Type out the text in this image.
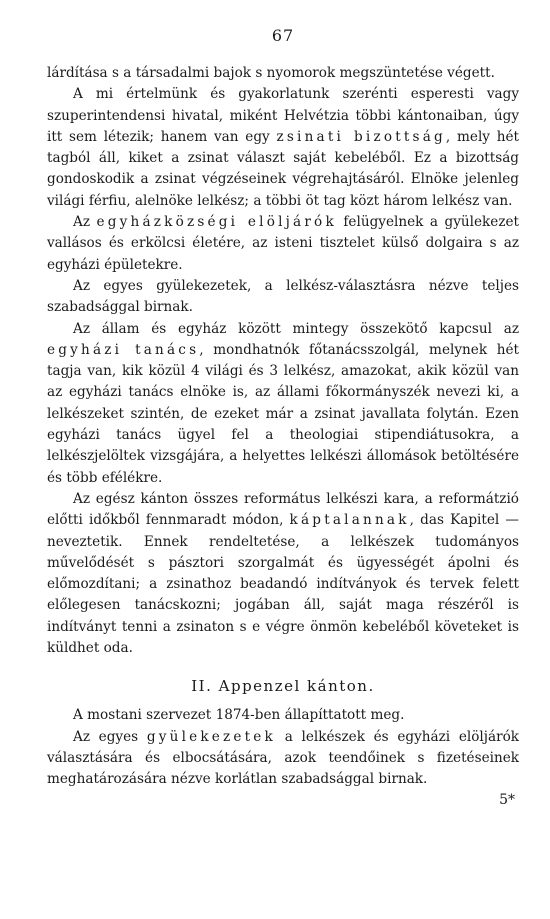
67

lárdítása s a társadalmi bajok s nyomorok megszüntetése végett.

A mi értelmünk és gyakorlatunk szerénti esperesti vagy szuperintendensi hivatal, miként Helvétzia többi kántonaiban, úgy itt sem létezik; hanem van egy zsinati bizottság, mely hét tagból áll, kiket a zsinat választ saját kebeléből. Ez a bizottság gondoskodik a zsinat végzéseinek végrehajtásáról. Elnöke jelenleg világi férfiu, alelnöke lelkész; a többi öt tag közt három lelkész van.

Az egyházközségi elöljárók felügyelnek a gyülekezet vallásos és erkölcsi életére, az isteni tisztelet külső dolgaira s az egyházi épületekre.

Az egyes gyülekezetek, a lelkész-választásra nézve teljes szabadsággal birnak.

Az állam és egyház között mintegy összekötő kapcsul az egyházi tanács, mondhatnók főtanácsszolgál, melynek hét tagja van, kik közül 4 világi és 3 lelkész, amazokat, akik közül van az egyházi tanács elnöke is, az állami főkormányszék nevezi ki, a lelkészeket szintén, de ezeket már a zsinat javallata folytán. Ezen egyházi tanács ügyel fel a theologiai stipendiátusokra, a lelkészjelöltek vizsgájára, a helyettes lelkészi állomások betöltésére és több efélékre.

Az egész kánton összes református lelkészi kara, a reformátzió előtti időkből fennmaradt módon, káptalannak, das Kapitel — neveztetik. Ennek rendeltetése, a lelkészek tudományos művelődését s pásztori szorgalmát és ügyességét ápolni és előmozdítani; a zsinathoz beadandó indítványok és tervek felett előlegesen tanácskozni; jogában áll, saját maga részéről is indítványt tenni a zsinaton s e végre önmön kebeléből követeket is küldhet oda.

II. Appenzel kánton.

A mostani szervezet 1874-ben állapíttatott meg.

Az egyes gyülekezetek a lelkészek és egyházi elöljárók választására és elbocsátására, azok teendőinek s fizetéseinek meghatározására nézve korlátlan szabadsággal birnak.

5*
